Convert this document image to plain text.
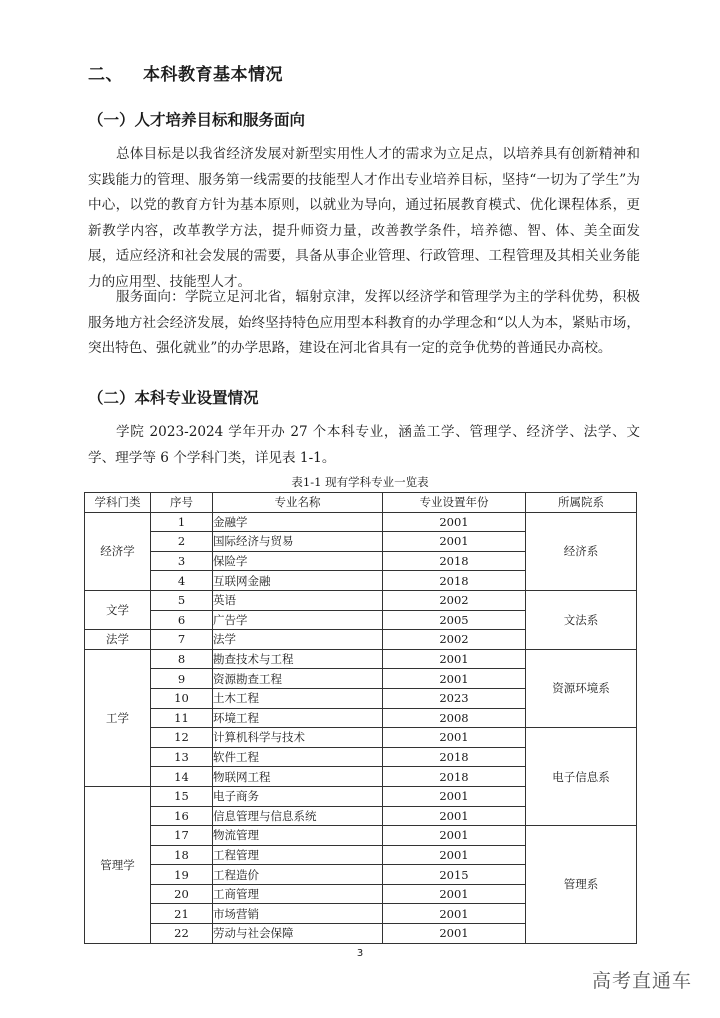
二、 本科教育基本情况
（一）人才培养目标和服务面向

总体目标是以我省经济发展对新型实用性人才的需求为立足点，以培养具有创新精神和实践能力的管理、服务第一线需要的技能型人才作出专业培养目标，坚持“一切为了学生”为中心，以党的教育方针为基本原则，以就业为导向，通过拓展教育模式、优化课程体系，更新教学内容，改革教学方法，提升师资力量，改善教学条件，培养德、智、体、美全面发展，适应经济和社会发展的需要，具备从事企业管理、行政管理、工程管理及其相关业务能力的应用型、技能型人才。

服务面向：学院立足河北省，辐射京津，发挥以经济学和管理学为主的学科优势，积极服务地方社会经济发展，始终坚持特色应用型本科教育的办学理念和“以人为本，紧贴市场，突出特色、强化就业”的办学思路，建设在河北省具有一定的竞争优势的普通民办高校。

（二）本科专业设置情况

学院 2023-2024 学年开办 27 个本科专业，涵盖工学、管理学、经济学、法学、文学、理学等 6 个学科门类，详见表 1-1。

表1-1 现有学科专业一览表
学科门类	序号	专业名称	专业设置年份	所属院系
经济学	1	金融学	2001	经济系
	2	国际经济与贸易	2001	
	3	保险学	2018	
	4	互联网金融	2018	
文学	5	英语	2002	文法系
	6	广告学	2005	
法学	7	法学	2002	
工学	8	勘查技术与工程	2001	资源环境系
	9	资源勘查工程	2001	
	10	土木工程	2023	
	11	环境工程	2008	
	12	计算机科学与技术	2001	电子信息系
	13	软件工程	2018	
	14	物联网工程	2018	
管理学	15	电子商务	2001	
	16	信息管理与信息系统	2001	
	17	物流管理	2001	管理系
	18	工程管理	2001	
	19	工程造价	2015	
	20	工商管理	2001	
	21	市场营销	2001	
	22	劳动与社会保障	2001	
3
高考直通车
